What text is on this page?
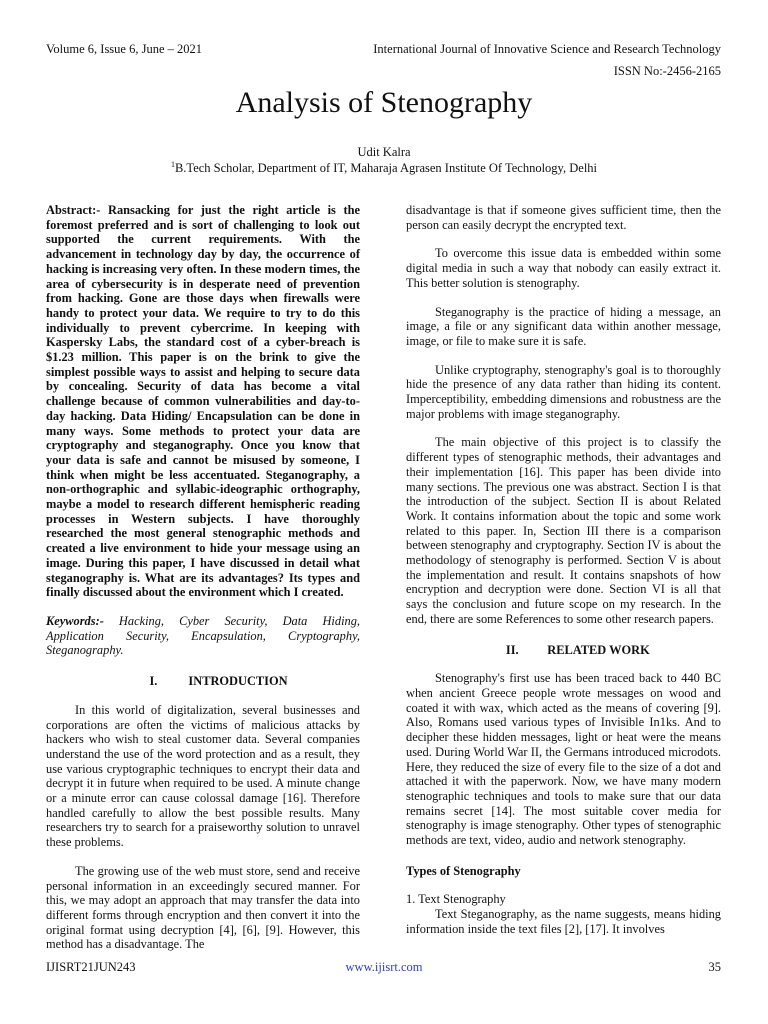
Volume 6, Issue 6, June – 2021	International Journal of Innovative Science and Research Technology
ISSN No:-2456-2165
Analysis of Stenography
Udit Kalra
$^1$B.Tech Scholar, Department of IT, Maharaja Agrasen Institute Of Technology, Delhi

Abstract:- Ransacking for just the right article is the foremost preferred and is sort of challenging to look out supported the current requirements. With the advancement in technology day by day, the occurrence of hacking is increasing very often. In these modern times, the area of cybersecurity is in desperate need of prevention from hacking. Gone are those days when firewalls were handy to protect your data. We require to try to do this individually to prevent cybercrime. In keeping with Kaspersky Labs, the standard cost of a cyber-breach is $1.23 million. This paper is on the brink to give the simplest possible ways to assist and helping to secure data by concealing. Security of data has become a vital challenge because of common vulnerabilities and day-to-day hacking. Data Hiding/ Encapsulation can be done in many ways. Some methods to protect your data are cryptography and steganography. Once you know that your data is safe and cannot be misused by someone, I think when might be less accentuated. Steganography, a non-orthographic and syllabic-ideographic orthography, maybe a model to research different hemispheric reading processes in Western subjects. I have thoroughly researched the most general stenographic methods and created a live environment to hide your message using an image. During this paper, I have discussed in detail what steganography is. What are its advantages? Its types and finally discussed about the environment which I created.

Keywords:- Hacking, Cyber Security, Data Hiding, Application Security, Encapsulation, Cryptography, Steganography.

I.	INTRODUCTION

In this world of digitalization, several businesses and corporations are often the victims of malicious attacks by hackers who wish to steal customer data. Several companies understand the use of the word protection and as a result, they use various cryptographic techniques to encrypt their data and decrypt it in future when required to be used. A minute change or a minute error can cause colossal damage [16]. Therefore handled carefully to allow the best possible results. Many researchers try to search for a praiseworthy solution to unravel these problems.

The growing use of the web must store, send and receive personal information in an exceedingly secured manner. For this, we may adopt an approach that may transfer the data into different forms through encryption and then convert it into the original format using decryption [4], [6], [9]. However, this method has a disadvantage. The

disadvantage is that if someone gives sufficient time, then the person can easily decrypt the encrypted text.

To overcome this issue data is embedded within some digital media in such a way that nobody can easily extract it. This better solution is stenography.

Steganography is the practice of hiding a message, an image, a file or any significant data within another message, image, or file to make sure it is safe.

Unlike cryptography, stenography's goal is to thoroughly hide the presence of any data rather than hiding its content. Imperceptibility, embedding dimensions and robustness are the major problems with image steganography.

The main objective of this project is to classify the different types of stenographic methods, their advantages and their implementation [16]. This paper has been divide into many sections. The previous one was abstract. Section I is that the introduction of the subject. Section II is about Related Work. It contains information about the topic and some work related to this paper. In, Section III there is a comparison between stenography and cryptography. Section IV is about the methodology of stenography is performed. Section V is about the implementation and result. It contains snapshots of how encryption and decryption were done. Section VI is all that says the conclusion and future scope on my research. In the end, there are some References to some other research papers.

II. RELATED WORK

Stenography's first use has been traced back to 440 BC when ancient Greece people wrote messages on wood and coated it with wax, which acted as the means of covering [9]. Also, Romans used various types of Invisible In1ks. And to decipher these hidden messages, light or heat were the means used. During World War II, the Germans introduced microdots. Here, they reduced the size of every file to the size of a dot and attached it with the paperwork. Now, we have many modern stenographic techniques and tools to make sure that our data remains secret [14]. The most suitable cover media for stenography is image stenography. Other types of stenographic methods are text, video, audio and network stenography.

Types of Stenography

1. Text Stenography

Text Steganography, as the name suggests, means hiding information inside the text files [2], [17]. It involves

IJISRT21JUN243	www.ijisrt.com	35
